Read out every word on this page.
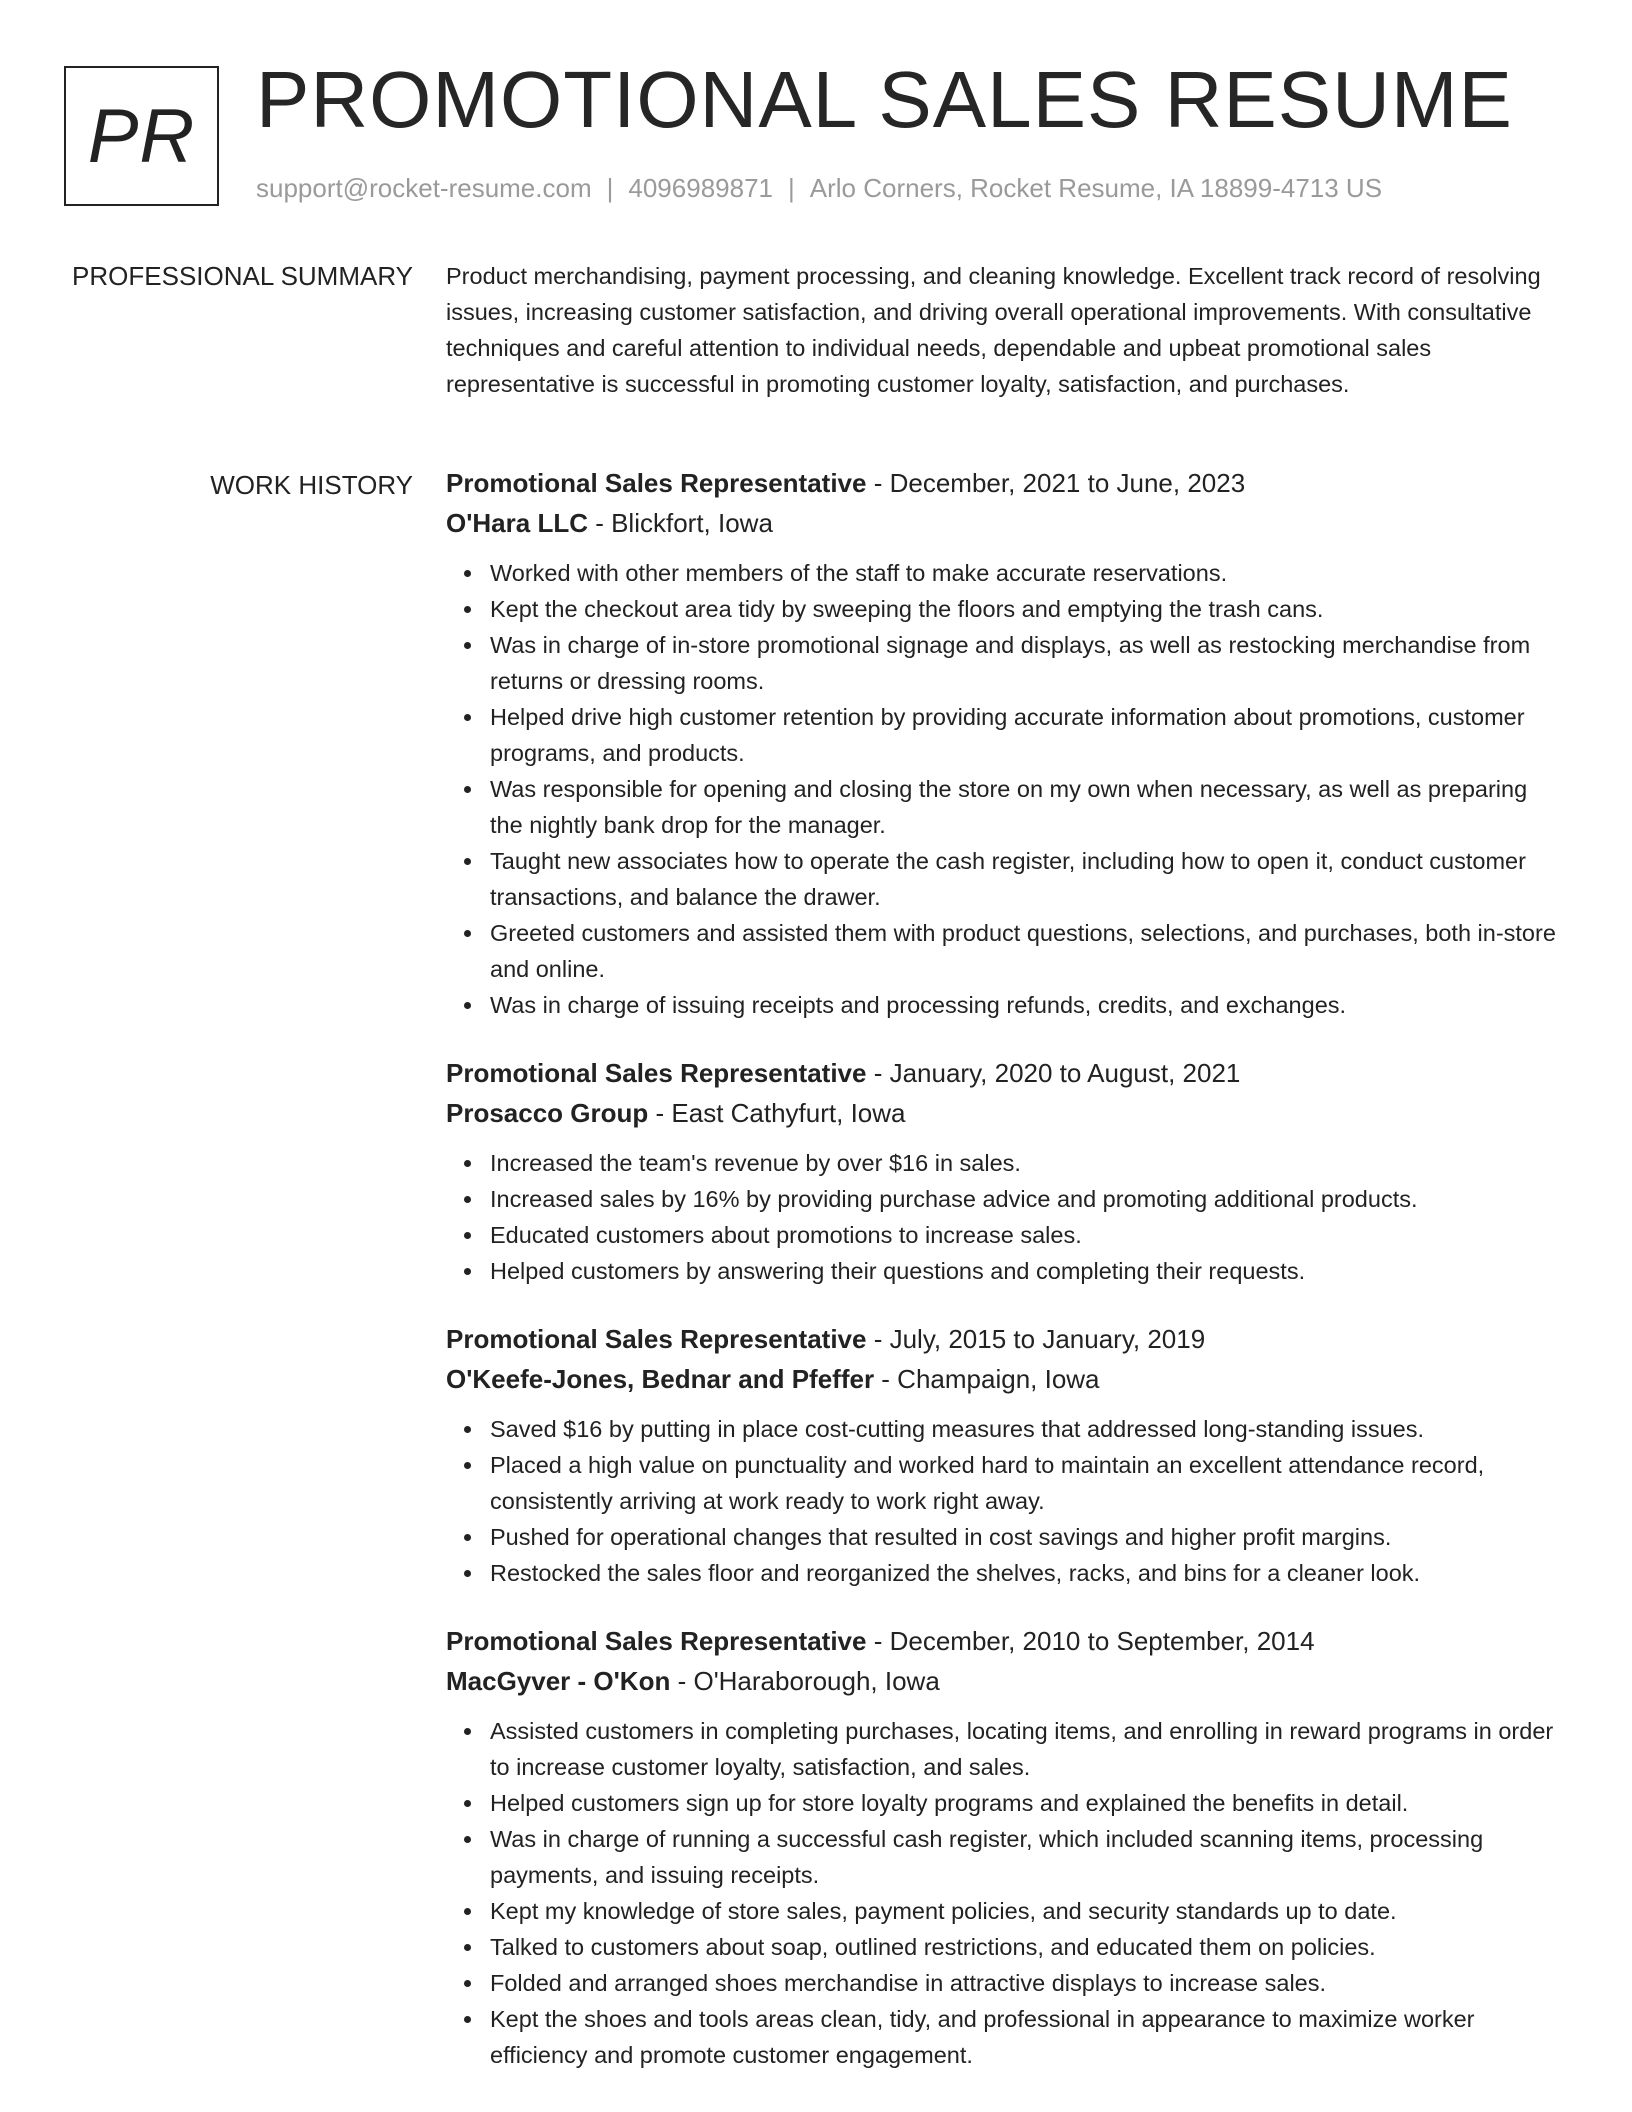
PR PROMOTIONAL SALES RESUME
support@rocket-resume.com | 4096989871 | Arlo Corners, Rocket Resume, IA 18899-4713 US
PROFESSIONAL SUMMARY Product merchandising, payment processing, and cleaning knowledge. Excellent track record of resolving issues, increasing customer satisfaction, and driving overall operational improvements. With consultative techniques and careful attention to individual needs, dependable and upbeat promotional sales representative is successful in promoting customer loyalty, satisfaction, and purchases.

WORK HISTORY Promotional Sales Representative - December, 2021 to June, 2023
O'Hara LLC - Blickfort, Iowa
Worked with other members of the staff to make accurate reservations.
Kept the checkout area tidy by sweeping the floors and emptying the trash cans.
Was in charge of in-store promotional signage and displays, as well as restocking merchandise from returns or dressing rooms.
Helped drive high customer retention by providing accurate information about promotions, customer programs, and products.
Was responsible for opening and closing the store on my own when necessary, as well as preparing the nightly bank drop for the manager.
Taught new associates how to operate the cash register, including how to open it, conduct customer transactions, and balance the drawer.
Greeted customers and assisted them with product questions, selections, and purchases, both in-store and online.
Was in charge of issuing receipts and processing refunds, credits, and exchanges.
Promotional Sales Representative - January, 2020 to August, 2021
Prosacco Group - East Cathyfurt, Iowa
Increased the team's revenue by over $16 in sales.
Increased sales by 16% by providing purchase advice and promoting additional products.
Educated customers about promotions to increase sales.
Helped customers by answering their questions and completing their requests.
Promotional Sales Representative - July, 2015 to January, 2019
O'Keefe-Jones, Bednar and Pfeffer - Champaign, Iowa
Saved $16 by putting in place cost-cutting measures that addressed long-standing issues.
Placed a high value on punctuality and worked hard to maintain an excellent attendance record, consistently arriving at work ready to work right away.
Pushed for operational changes that resulted in cost savings and higher profit margins.
Restocked the sales floor and reorganized the shelves, racks, and bins for a cleaner look.
Promotional Sales Representative - December, 2010 to September, 2014
MacGyver - O'Kon - O'Haraborough, Iowa
Assisted customers in completing purchases, locating items, and enrolling in reward programs in order to increase customer loyalty, satisfaction, and sales.
Helped customers sign up for store loyalty programs and explained the benefits in detail.
Was in charge of running a successful cash register, which included scanning items, processing payments, and issuing receipts.
Kept my knowledge of store sales, payment policies, and security standards up to date.
Talked to customers about soap, outlined restrictions, and educated them on policies.
Folded and arranged shoes merchandise in attractive displays to increase sales.
Kept the shoes and tools areas clean, tidy, and professional in appearance to maximize worker efficiency and promote customer engagement.
